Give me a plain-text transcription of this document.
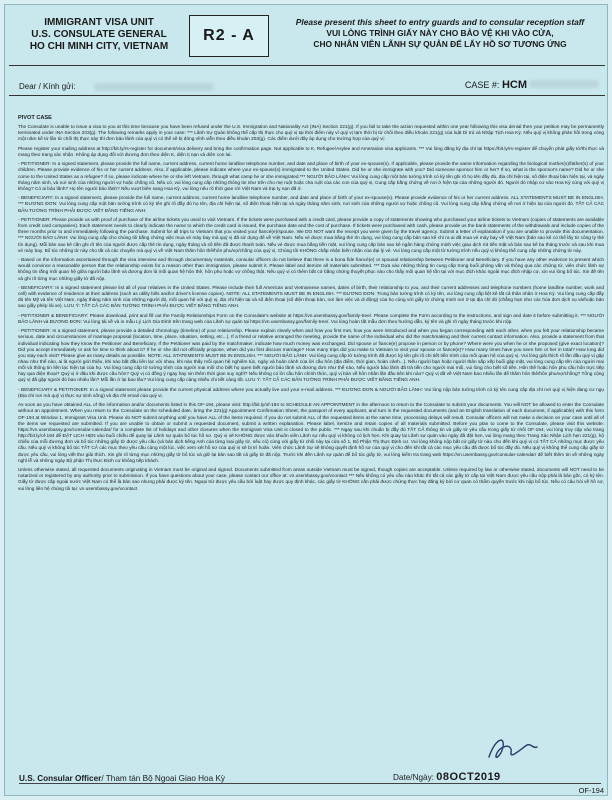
IMMIGRANT VISA UNIT
U.S. CONSULATE GENERAL
HO CHI MINH CITY, VIETNAM
R2 - A
Please present this sheet to entry guards and to consular reception staff
VUI LÒNG TRÌNH GIẤY NÀY CHO BẢO VỆ KHI VÀO CỬA,
CHO NHÂN VIÊN LÃNH SỰ QUẢN ĐỂ LẤY HỒ SƠ TƯƠNG ỨNG
Dear / Kính gửi:	CASE #: HCM

PIVOT CASE

The Consulate is unable to issue a visa to you at this time because you have been refused under the U.S. Immigration and Nationality Act (INA) Section 221(g). If you fail to take the action requested within one year following this visa denial then your petition may be permanently terminated under INA Section 203(g). The following remarks apply in your case: *** Lãnh Sự Quán không thể cấp thị thực cho quý vị tại thời điểm này vì quý vị tạm thời bị từ chối theo điều khoản 221(g) của luật Di trú và Nhập Tịch Hoa Kỳ. Nếu quý vị không phản hồi trong vòng một năm kể từ lần từ chối thị thực này thì đơn bảo lãnh của quý vị có thể sẽ bị đóng vĩnh viễn theo điều khoản 203(g). Các điểm dưới đây áp dụng cho trường hợp của quý vị:

Please register your mailing address at http://bit.ly/rs-register for document/visa delivery and bring the confirmation page. Not applicable to K, Refugee/Asylee and Amerasian visa applicants. *** Vui lòng đăng ký địa chỉ tại https://bit.ly/rs-register để chuyển phát giấy tờ/thị thực và mang theo trang xác nhận. Không áp dụng đối với đương đơn theo diện K, diện tị nạn và diện con lai.

- PETITIONER: In a signed statement, please provide the full name, current address, current home landline telephone number, and date and place of birth of your ex-spouse(s). If applicable, please provide the same information regarding the biological mother(s)/father(s) of your children. Please provide evidence of his or her current address. Also, if applicable, please indicate where your ex-spouse(s) immigrated to the United States. Did he or she immigrate with you? Did someone sponsor him or her? If so, what is the sponsor's name? Did he or she come to the United States as a refugee? If so, please indicate where he or she left Vietnam, through what camp he or she immigrated.*** NGƯỜI BẢO LÃNH: Vui lòng cung cấp một bản tường trình có ký tên ghi rõ họ tên đầy đủ, địa chỉ hiện tại, số điện thoại bàn hiện tại, và ngày tháng năm sinh, và nơi sinh của những người vợ hoặc chồng cũ. Nếu có, vui lòng cung cấp những thông tin như trên cho mẹ ruột hoặc cha ruột của các con của quý vị. Cung cấp bằng chứng về nơi ở hiện tại của những người đó. Người đó nhập cư vào Hoa Kỳ cùng với quý vị không? Có ai bảo lãnh? Họ tên người bảo lãnh? Nếu vượt biên sang Hoa Kỳ, vui lòng nêu rõ thời gian rời Việt Nam và trại tỵ nạn đã ở.

- BENEFICIARY: In a signed statement, please provide the full name, current address, current home landline telephone number, and date and place of birth of your ex-spouse(s). Please provide evidence of his or her current address. ALL STATEMENTS MUST BE IN ENGLISH. *** ĐƯƠNG ĐƠN: Vui lòng cung cấp một bản tường trình có ký tên ghi rõ đầy đủ họ tên, địa chỉ hiện tại, số điện thoại hiện tại và ngày tháng năm sinh, nơi sinh của những người vợ hoặc chồng cũ. Vui lòng cung cấp bằng chứng về nơi ở hiện tại của người đó. TẤT CẢ CÁC BẢN TƯỜNG TRÌNH PHẢI ĐƯỢC VIẾT BẰNG TIẾNG ANH.

- PETITIONER: Please provide us with proof of purchase of the airline tickets you used to visit Vietnam. If the tickets were purchased with a credit card, please provide a copy of statements showing who purchased your airline tickets to Vietnam (copies of statements are available from credit card companies). Each statement needs to clearly indicate the name to which the credit card is issued, the purchase date and the cost of purchase. If tickets were purchased with cash, please provide us the bank statements of the withdrawals and include copies of the three months prior to and immediately following the purchase. Submit for all trips to Vietnam that you visited your fiancé(e)/spouse. We DO NOT want the receipt you were given by the travel agency. Submit a letter of explanation if you are unable to provide this documentation. *** NGƯỜI BẢO LÃNH: Vui lòng cung cấp cho chúng tôi bằng chứng việc mua vé máy bay mà quý vị đã sử dụng để về Việt Nam. Nếu vé được mua bằng thẻ tín dụng, vui lòng cung cấp bản sao kê chi ra ai đã mua vé máy bay về Việt Nam (bản sao kê có thể lấy từ công ty thẻ tín dụng). Mỗi bản sao kê cần ghi rõ tên của người được cấp thẻ tín dụng, ngày tháng và số tiền đã được thanh toán. Nếu vé được mua bằng tiền mặt, vui lòng cung cấp bản sao kê ngân hàng chứng minh việc giao dịch rút tiền mặt và bản sao kê ba tháng trước và sau khi mua vé máy bay. Bổ túc những từ này cho tất cả các chuyến mà quý vị về Việt Nam thăm hôn thê/hôn phu/vợ/chồng của quý vị. Chúng tôi KHÔNG chấp nhận biên nhận của đại lý vé. Vui lòng cung cấp một tờ tường trình nếu quý vị không thể cung cấp những chứng từ này.

- Based on the information ascertained through the visa interview and through documentary materials, consular officers do not believe that there is a bona fide fiancé(e) or spousal relationship between Petitioner and Beneficiary. If you have any other evidence to present which would convince a reasonable person that the relationship exists for a reason other than immigration, please submit it. Please label and itemize all materials submitted. *** Dựa vào những thông tin cung cấp trong buổi phỏng vấn và thông qua các chứng từ, viên chức lãnh sự không tin rằng mối quan hệ giữa người bảo lãnh và đương đơn là mối quan hệ hôn thê, hôn phu hoặc vợ chồng thật. Nếu quý vị có thêm bất cứ bằng chứng thuyết phục nào cho thấy mối quan hệ tồn tại với mục đích khác ngoài mục đích nhập cư, xin vui lòng bổ túc. Xin đề tên và ghi rõ từng mục những giấy tờ đã nộp.

- BENEFICIARY: In a signed statement please list all of your relatives in the United States. Please include their full American and Vietnamese names, dates of birth, their relationship to you, and their current addresses and telephone numbers (home landline number, work and cell) with evidence of residence at their address (such as utility bills and/or driver's license copies). NOTE: ALL STATEMENTS MUST BE IN ENGLISH. *** ĐƯƠNG ĐƠN: Trong bản tường trình có ký tên, vui lòng cung cấp liệt kê tất cả thân nhân ở Hoa Kỳ. Vui lòng cung cấp đầy đủ tên Mỹ và tên Việt Nam, ngày tháng năm sinh của những người đó, mối quan hệ với quý vị, địa chỉ hiện tại và số điện thoại (số điện thoại bàn, nơi làm việc và di động) của họ cùng với giấy tờ chứng minh nơi ở tại địa chỉ đó (chẳng hạn như các hóa đơn dịch vụ và/hoặc bản sao giấy phép lái xe). LƯU Ý: TẤT CẢ CÁC BẢN TƯỜNG TRÌNH PHẢI ĐƯỢC VIẾT BẰNG TIẾNG ANH.

- PETITIONER & BENEFICIARY: Please download, print and fill out the Family Relationships Form on the Consulate's website at https://vn.usembassy.gov/family-tree/. Please complete the Form according to the instructions, and sign and date it before submitting it. *** NGƯỜI BẢO LÃNH và ĐƯƠNG ĐƠN: Vui lòng tải về và in mẫu Lý Lịch Gia Đình trên trang web của Lãnh sự quán tại https://vn.usembassy.gov/family-tree/. Vui lòng hoàn tất mẫu đơn theo hướng dẫn, ký tên và ghi rõ ngày tháng trước khi nộp.

- PETITIONER: In a signed statement, please provide a detailed chronology (timeline) of your relationship. Please explain clearly when and how you first met, how you were introduced and when you began corresponding with each other, when you felt your relationship became serious, date and circumstances of marriage proposal (location, time, place, situation, setting, etc...). If a friend or relative arranged the meeting, provide the name of the individual who did the matchmaking and their current contact information. Also, provide a statement from that individual indicating how they know the Petitioner and Beneficiary. If the Petitioner was paid by the matchmaker, indicate how much money was exchanged. Did spouse or fiance(e) propose in person or by phone? Where were you when he or she proposed (give exact location)? Did you accept immediately or ask for time to think about it? If he or she did not officially propose, when did you first discuss marriage? How many trips did you make to Vietnam to visit your spouse or fiance(e)? How many times have you seen him or her in total? How long did you stay each visit? Please give as many details as possible. NOTE: ALL STATEMENTS MUST BE IN ENGLISH. *** NGƯỜI BẢO LÃNH: Vui lòng cung cấp tờ tường trình đã được ký tên ghi rõ chi tiết tiến trình của mối quan hệ của quý vị. Vui lòng giải thích rõ lần đầu quý vị gặp nhau như thế nào, ai là người giới thiệu, khi nào bắt đầu liên lạc với nhau, khi nào thấy mối quan hệ nghiêm túc, ngày và hoàn cảnh của lời cầu hôn (địa điểm, thời gian, hoàn cảnh...). Nếu người bạn hoặc người thân sắp xếp buổi gặp mặt, vui lòng cung cấp tên của người mai mối và thông tin liên lạc hiện tại của họ. Vui lòng cung cấp tờ tường trình của người mai mối cho biết họ quen biết người bảo lãnh và đương đơn như thế nào. Nếu người bảo lãnh đã trả tiền cho người mai mối, vui lòng cho biết số tiền. Hôn thê hoặc hôn phu cầu hôn trực tiếp hay qua điện thoại? Quý vị ở đâu khi được cầu hôn? Quý vị có đồng ý ngay hay xin thêm thời gian suy nghĩ? Nếu không có lời cầu hôn chính thức, quý vị bàn về hôn nhân lần đầu tiên khi nào? Quý vị đã về Việt Nam bao nhiêu lần để thăm hôn thê/hôn phu/vợ/chồng? Tổng cộng quý vị đã gặp người đó bao nhiêu lần? Mỗi lần ở lại bao lâu? Vui lòng cung cấp càng nhiều chi tiết càng tốt. LƯU Ý: TẤT CẢ CÁC BẢN TƯỜNG TRÌNH PHẢI ĐƯỢC VIẾT BẰNG TIẾNG ANH.

- BENEFICIARY & PETITIONER: In a signed statement please provide the current physical address where you actually live and your e-mail address. *** ĐƯƠNG ĐƠN & NGƯỜI BẢO LÃNH: Vui lòng nộp bản tường trình có ký tên cung cấp địa chỉ nơi quý vị hiện đang cư ngụ (Địa chỉ nơi mà quý vị thực sự sinh sống) và địa chỉ email của quý vị.

As soon as you have obtained ALL of the information and/or documents listed in this OF-194, please visit: http://bit.ly/of-194 to SCHEDULE AN APPOINTMENT in the afternoon to return to the Consulate to submit your documents. You will NOT be allowed to enter the Consulate without an appointment. When you return to the Consulate on the scheduled date, bring the 221(g) Appointment Confirmation Sheet, the passport of every applicant, and turn in the requested documents (and an English translation of each document, if applicable) with this form OF-194 at Window 1, Immigrant Visa Unit. Please do NOT submit anything until you have ALL of the items required. If you do not submit ALL of the requested items at the same time, processing delays will result. Consular officers will not make a decision on your case until all of the items we requested are submitted. If you are unable to obtain or submit a requested document, submit a written explanation. Please label, itemize and retain copies of all materials submitted. Before you plan to come to the Consulate, please visit this website: https://vn.usembassy.gov/consular-calendar/ for a complete list of holidays and other closures when the Immigrant Visa Unit is closed to the public. *** Ngay sau khi chuẩn bị đầy đủ TẤT CẢ thông tin và giấy tờ yêu cầu trong giấy từ chối OF-194, vui lòng truy cập vào trang http://bit.ly/of-194 để ĐẶT LỊCH HẸN vào buổi chiều để quay lại Lãnh sự quán bổ túc hồ sơ. Quý vị sẽ KHÔNG được vào khuôn viên Lãnh sự nếu quý vị không có lịch hẹn. Khi quay lại Lãnh sự quán vào ngày đã đặt hẹn, vui lòng mang theo Trang Xác Nhận Lịch hẹn 221(g), hộ chiếu của mỗi đương đơn và bổ túc những giấy tờ được yêu cầu (và bản dịch tiếng Anh của từng loại giấy tờ, nếu có) cùng với giấy từ chối này tại cửa số 1, Bộ Phận Thị thực Định cư. Vui lòng không nộp bất cứ giấy tờ nào cho đến khi quý vị có TẤT CẢ những mục được yêu cầu. Nếu quý vị không bổ túc TẤT CẢ các mục theo yêu cầu cùng một lúc, việc xem xét hồ sơ của quý vị sẽ bị trì hoãn. Viên chức Lãnh Sự sẽ không quyết định hồ sơ của quý vị cho đến khi tất cả các mục yêu cầu đã được bổ túc đầy đủ. Nếu quý vị không thể cung cấp giấy tờ được yêu cầu, vui lòng viết thư giải thích. Xin ghi rõ từng mục những giấy tờ bổ túc và giữ lại bản sao tất cả giấy tờ đã nộp. Trước khi đến Lãnh sự quán để bổ túc giấy tờ, vui lòng kiểm tra trang web https://vn.usembassy.gov/consular-calendar/ để biết thêm tin về những ngày nghỉ lễ và những ngày Bộ phận Thị thực Định cư không tiếp khách.

Unless otherwise stated, all requested documents originating in Vietnam must be original and signed. Documents submitted from areas outside Vietnam must be signed, though copies are acceptable. Unless required by law or otherwise stated, documents will NOT need to be notarized or registered by any authority prior to submission. If you have questions about your case, please contact our office at: vn.usembassy.gov/vcontact *** Nếu không có yêu cầu nào khác thì tất cả các giấy tờ cấp tại Việt Nam được yêu cầu nộp phải là bản gốc, có ký tên. Giấy tờ được cấp ngoài nước Việt Nam có thể là bản sao nhưng phải được ký tên. Ngoại trừ được yêu cầu bởi luật hay được quy định khác, các giấy tờ KHÔNG cần phải được chứng thực hay đăng ký bởi cơ quan có thẩm quyền trước khi nộp bổ túc. Nếu có câu hỏi về hồ sơ, vui lòng liên hệ chúng tôi tại: vn.usembassy.gov/vcontact

U.S. Consular Officer/ Tham tán Bộ Ngoại Giao Hoa Kỳ	Date/Ngày: 08OCT2019
OF-194
